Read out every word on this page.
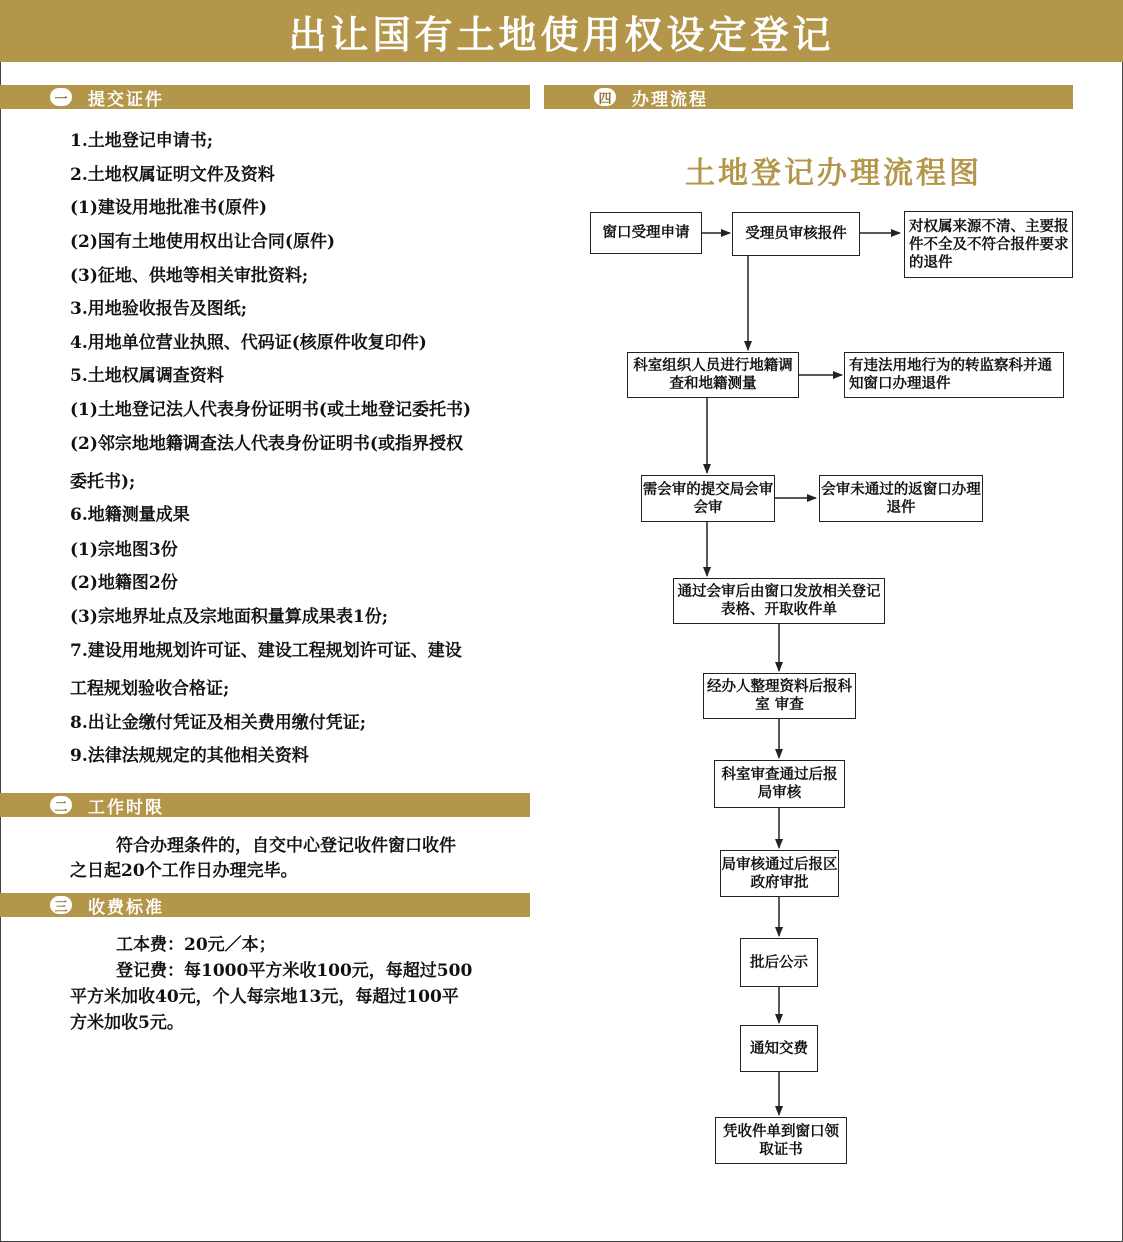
出让国有土地使用权设定登记
一	提交证件
1.土地登记申请书;
2.土地权属证明文件及资料
(1)建设用地批准书(原件)
(2)国有土地使用权出让合同(原件)
(3)征地、供地等相关审批资料;
3.用地验收报告及图纸;
4.用地单位营业执照、代码证(核原件收复印件)
5.土地权属调查资料
(1)土地登记法人代表身份证明书(或土地登记委托书)
(2)邻宗地地籍调查法人代表身份证明书(或指界授权
委托书);
6.地籍测量成果
(1)宗地图3份
(2)地籍图2份
(3)宗地界址点及宗地面积量算成果表1份;
7.建设用地规划许可证、建设工程规划许可证、建设
工程规划验收合格证;
8.出让金缴付凭证及相关费用缴付凭证;
9.法律法规规定的其他相关资料
二	工作时限
符合办理条件的，自交中心登记收件窗口收件
之日起20个工作日办理完毕。
三	收费标准
工本费：20元／本；
登记费：每1000平方米收100元，每超过500
平方米加收40元，个人每宗地13元，每超过100平
方米加收5元。
四	办理流程
土地登记办理流程图
窗口受理申请	受理员审核报件	对权属来源不清、主要报件不全及不符合报件要求的退件
科室组织人员进行地籍调查和地籍测量
有违法用地行为的转监察科并通知窗口办理退件
需会审的提交局会审会审
会审未通过的返窗口办理退件
通过会审后由窗口发放相关登记表格、开取收件单
经办人整理资料后报科室 审查
科室审查通过后报局审核
局审核通过后报区政府审批
批后公示
通知交费
凭收件单到窗口领取证书
